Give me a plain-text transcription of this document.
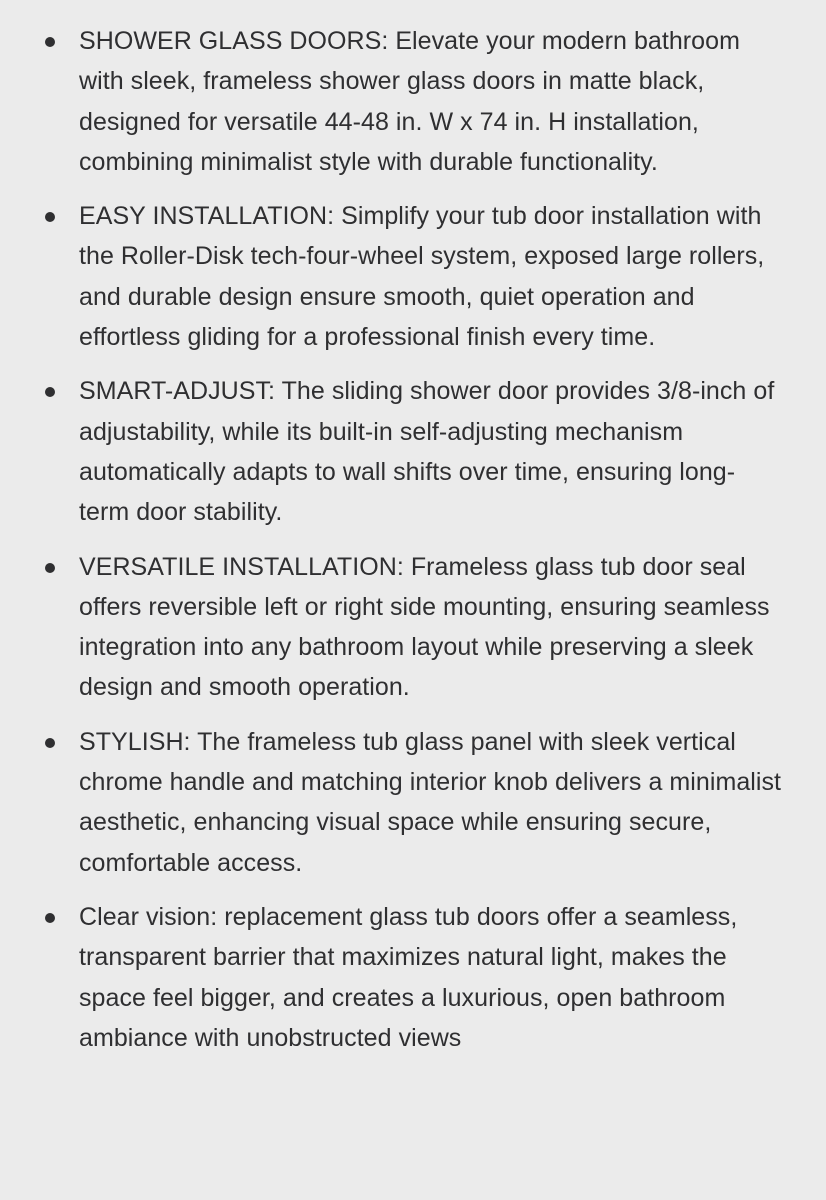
SHOWER GLASS DOORS: Elevate your modern bathroom with sleek, frameless shower glass doors in matte black, designed for versatile 44-48 in. W x 74 in. H installation, combining minimalist style with durable functionality.
EASY INSTALLATION: Simplify your tub door installation with the Roller-Disk tech-four-wheel system, exposed large rollers, and durable design ensure smooth, quiet operation and effortless gliding for a professional finish every time.
SMART-ADJUST: The sliding shower door provides 3/8-inch of adjustability, while its built-in self-adjusting mechanism automatically adapts to wall shifts over time, ensuring long-term door stability.
VERSATILE INSTALLATION: Frameless glass tub door seal offers reversible left or right side mounting, ensuring seamless integration into any bathroom layout while preserving a sleek design and smooth operation.
STYLISH: The frameless tub glass panel with sleek vertical chrome handle and matching interior knob delivers a minimalist aesthetic, enhancing visual space while ensuring secure, comfortable access.
Clear vision: replacement glass tub doors offer a seamless, transparent barrier that maximizes natural light, makes the space feel bigger, and creates a luxurious, open bathroom ambiance with unobstructed views
